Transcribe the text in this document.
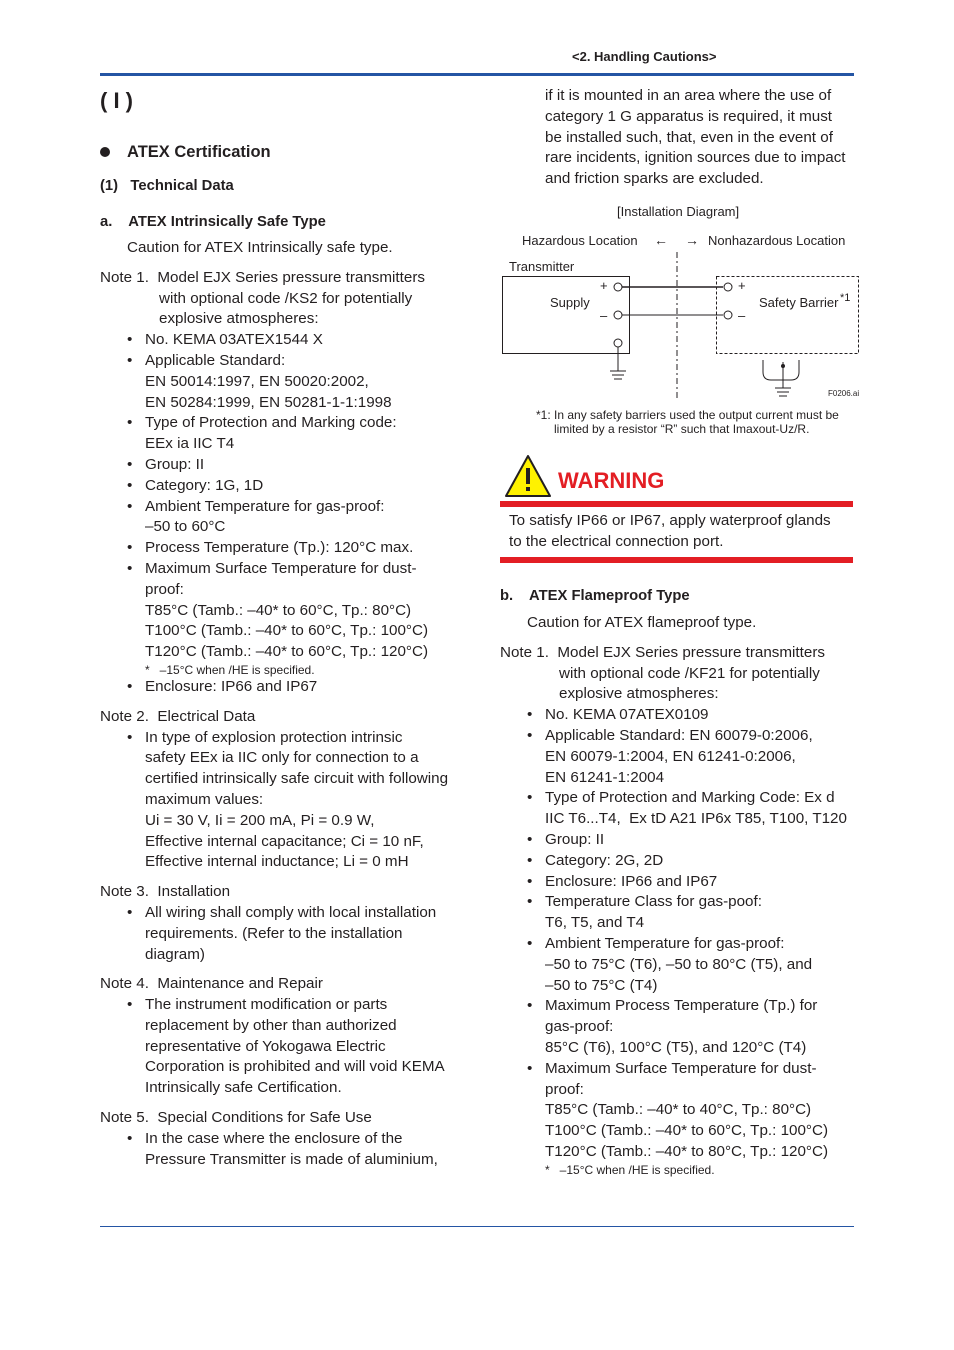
<2. Handling Cautions>
( I )
ATEX Certification
(1)   Technical Data
a.    ATEX Intrinsically Safe Type

Caution for ATEX Intrinsically safe type.

Note 1.  Model EJX Series pressure transmitters

with optional code /KS2 for potentially

explosive atmospheres:

• No. KEMA 03ATEX1544 X

• Applicable Standard:

EN 50014:1997, EN 50020:2002,

EN 50284:1999, EN 50281-1-1:1998

• Type of Protection and Marking code:

EEx ia IIC T4

• Group: II

• Category: 1G, 1D

• Ambient Temperature for gas-proof:

–50 to 60°C

• Process Temperature (Tp.): 120°C max.

• Maximum Surface Temperature for dust-

proof:

T85°C (Tamb.: –40* to 60°C, Tp.: 80°C)

T100°C (Tamb.: –40* to 60°C, Tp.: 100°C)

T120°C (Tamb.: –40* to 60°C, Tp.: 120°C)

*   –15°C when /HE is specified.

• Enclosure: IP66 and IP67

Note 2.  Electrical Data

• In type of explosion protection intrinsic

safety EEx ia IIC only for connection to a

certified intrinsically safe circuit with following

maximum values:

Ui = 30 V, Ii = 200 mA, Pi = 0.9 W,

Effective internal capacitance; Ci = 10 nF,

Effective internal inductance; Li = 0 mH

Note 3.  Installation

• All wiring shall comply with local installation

requirements. (Refer to the installation

diagram)

Note 4.  Maintenance and Repair

• The instrument modification or parts

replacement by other than authorized

representative of Yokogawa Electric

Corporation is prohibited and will void KEMA

Intrinsically safe Certification.

Note 5.  Special Conditions for Safe Use

• In the case where the enclosure of the

Pressure Transmitter is made of aluminium,

if it is mounted in an area where the use of

category 1 G apparatus is required, it must

be installed such, that, even in the event of

rare incidents, ignition sources due to impact

and friction sparks are excluded.

[Installation Diagram]
Hazardous Location ← → Nonhazardous Location
Transmitter
Supply
+
–
+
–
Safety Barrier *1
F0206.ai
*1: In any safety barriers used the output current must be
limited by a resistor “R” such that Imaxout-Uz/R.
WARNING

To satisfy IP66 or IP67, apply waterproof glands

to the electrical connection port.

b.    ATEX Flameproof Type

Caution for ATEX flameproof type.

Note 1.  Model EJX Series pressure transmitters

with optional code /KF21 for potentially

explosive atmospheres:

• No. KEMA 07ATEX0109

• Applicable Standard: EN 60079-0:2006,

EN 60079-1:2004, EN 61241-0:2006,

EN 61241-1:2004

• Type of Protection and Marking Code: Ex d

IIC T6...T4,  Ex tD A21 IP6x T85, T100, T120

• Group: II

• Category: 2G, 2D

• Enclosure: IP66 and IP67

• Temperature Class for gas-poof:

T6, T5, and T4

• Ambient Temperature for gas-proof:

–50 to 75°C (T6), –50 to 80°C (T5), and

–50 to 75°C (T4)

• Maximum Process Temperature (Tp.) for

gas-proof:

85°C (T6), 100°C (T5), and 120°C (T4)

• Maximum Surface Temperature for dust-

proof:

T85°C (Tamb.: –40* to 40°C, Tp.: 80°C)

T100°C (Tamb.: –40* to 60°C, Tp.: 100°C)

T120°C (Tamb.: –40* to 80°C, Tp.: 120°C)

*   –15°C when /HE is specified.
